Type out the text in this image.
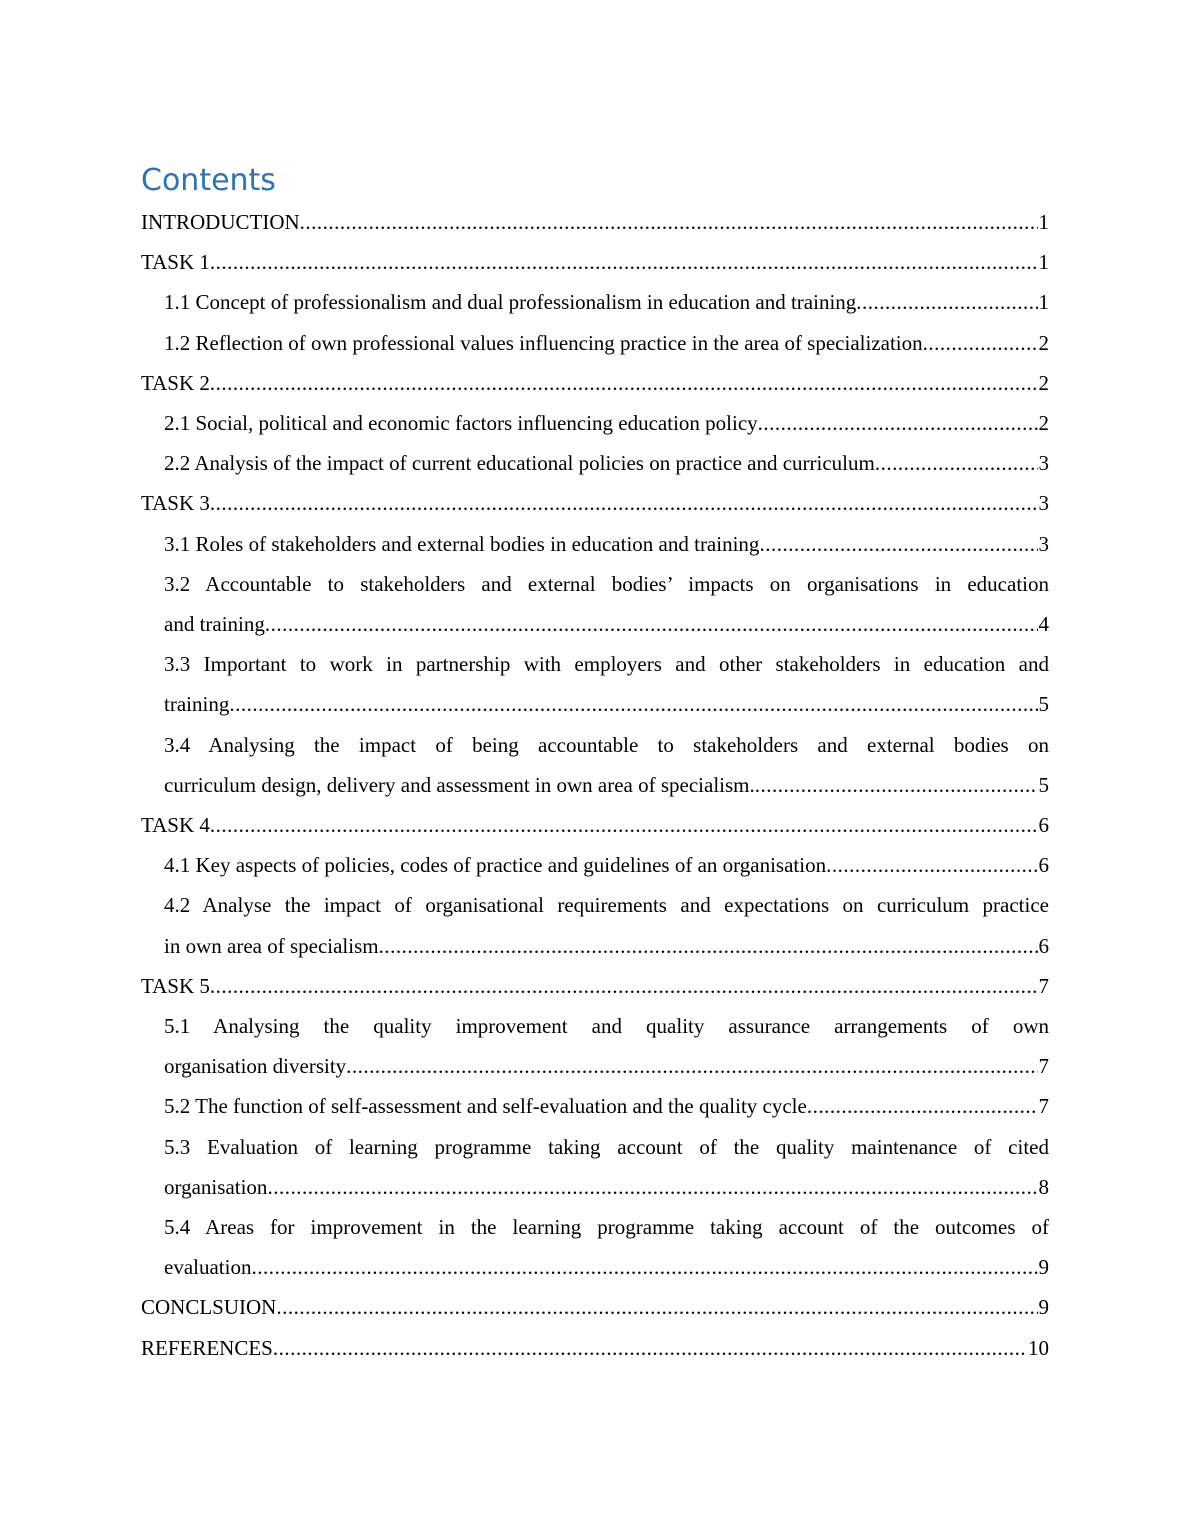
Contents
INTRODUCTION .....	1
TASK 1 .....	1
1.1 Concept of professionalism and dual professionalism in education and training .....	1
1.2 Reflection of own professional values influencing practice in the area of specialization .....	2
TASK 2 .....	2
2.1 Social, political and economic factors influencing education policy .....	2
2.2 Analysis of the impact of current educational policies on practice and curriculum .....	3
TASK 3 .....	3
3.1 Roles of stakeholders and external bodies in education and training .....	3
3.2 Accountable to stakeholders and external bodies’ impacts on organisations in education
and training .....	4
3.3 Important to work in partnership with employers and other stakeholders in education and
training .....	5
3.4 Analysing the impact of being accountable to stakeholders and external bodies on
curriculum design, delivery and assessment in own area of specialism. .....	5
TASK 4 .....	6
4.1 Key aspects of policies, codes of practice and guidelines of an organisation .....	6
4.2 Analyse the impact of organisational requirements and expectations on curriculum practice
in own area of specialism .....	6
TASK 5 .....	7
5.1 Analysing the quality improvement and quality assurance arrangements of own
organisation diversity .....	7
5.2 The function of self-assessment and self-evaluation and the quality cycle .....	7
5.3 Evaluation of learning programme taking account of the quality maintenance of cited
organisation .....	8
5.4 Areas for improvement in the learning programme taking account of the outcomes of
evaluation .....	9
CONCLSUION .....	9
REFERENCES .....	10
